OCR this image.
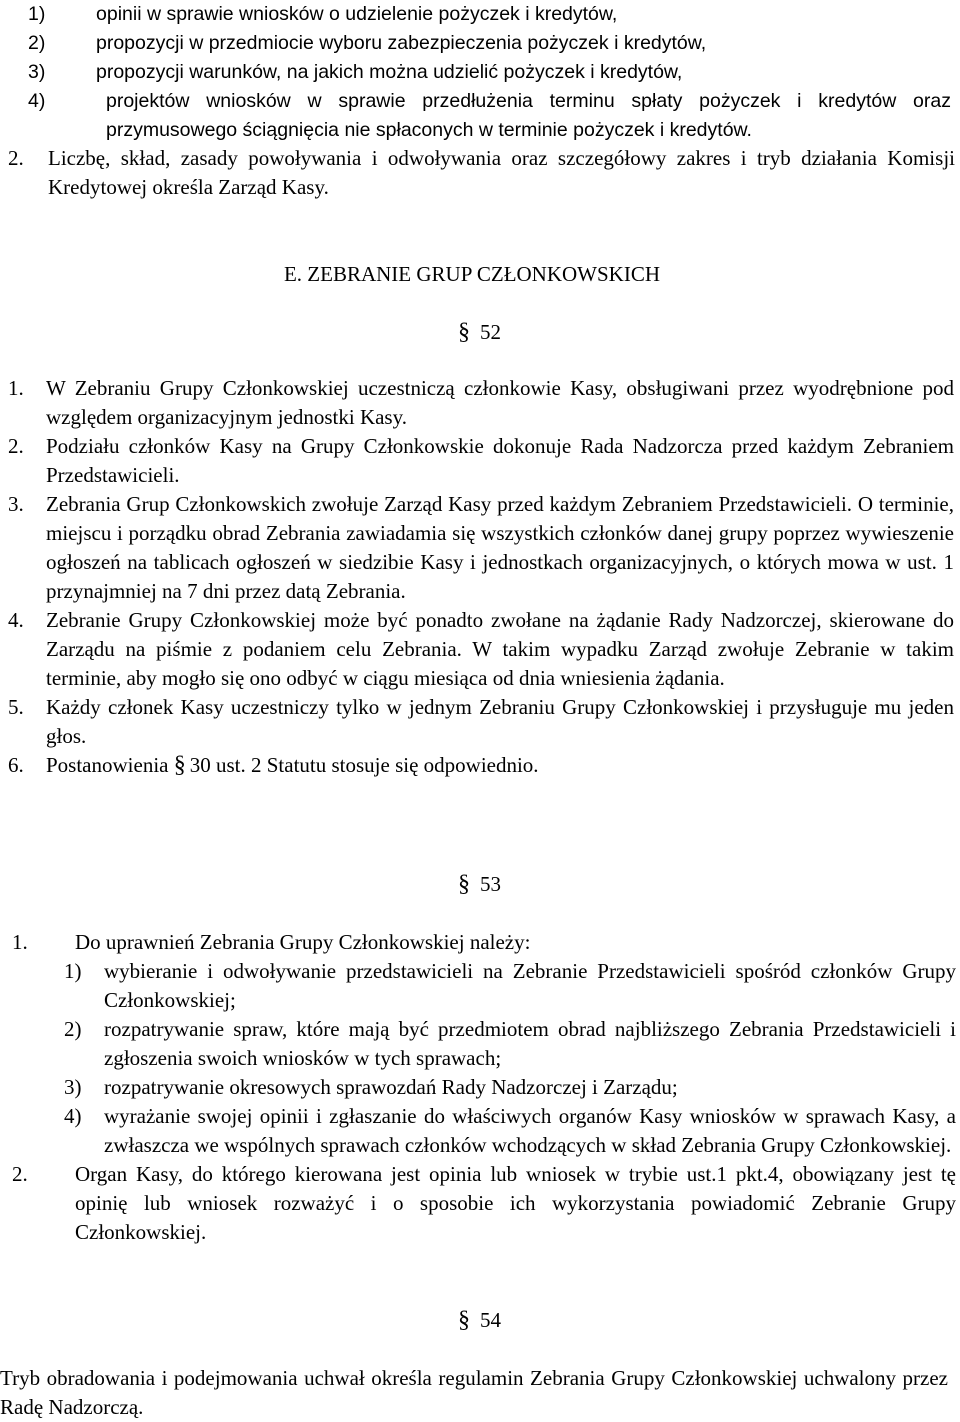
1)	opinii w sprawie wniosków o udzielenie pożyczek i kredytów,
2)	propozycji w przedmiocie wyboru zabezpieczenia pożyczek i kredytów,
3)	propozycji warunków, na jakich można udzielić pożyczek i kredytów,
4)	projektów wniosków w sprawie przedłużenia terminu spłaty pożyczek i kredytów oraz przymusowego ściągnięcia nie spłaconych w terminie pożyczek i kredytów.
2. Liczbę, skład, zasady powoływania i odwoływania oraz szczegółowy zakres i tryb działania Komisji Kredytowej określa Zarząd Kasy.
E. ZEBRANIE GRUP CZŁONKOWSKICH
§ 52
1. W Zebraniu Grupy Członkowskiej uczestniczą członkowie Kasy, obsługiwani przez wyodrębnione pod względem organizacyjnym jednostki Kasy.
2. Podziału członków Kasy na Grupy Członkowskie dokonuje Rada Nadzorcza przed każdym Zebraniem Przedstawicieli.
3. Zebrania Grup Członkowskich zwołuje Zarząd Kasy przed każdym Zebraniem Przedstawicieli. O terminie, miejscu i porządku obrad Zebrania zawiadamia się wszystkich członków danej grupy poprzez wywieszenie ogłoszeń na tablicach ogłoszeń w siedzibie Kasy i jednostkach organizacyjnych, o których mowa w ust. 1 przynajmniej na 7 dni przez datą Zebrania.
4. Zebranie Grupy Członkowskiej może być ponadto zwołane na żądanie Rady Nadzorczej, skierowane do Zarządu na piśmie z podaniem celu Zebrania. W takim wypadku Zarząd zwołuje Zebranie w takim terminie, aby mogło się ono odbyć w ciągu miesiąca od dnia wniesienia żądania.
5. Każdy członek Kasy uczestniczy tylko w jednym Zebraniu Grupy Członkowskiej i przysługuje mu jeden głos.
6. Postanowienia § 30 ust. 2 Statutu stosuje się odpowiednio.
§ 53
1. Do uprawnień Zebrania Grupy Członkowskiej należy:
1) wybieranie i odwoływanie przedstawicieli na Zebranie Przedstawicieli spośród członków Grupy Członkowskiej;
2) rozpatrywanie spraw, które mają być przedmiotem obrad najbliższego Zebrania Przedstawicieli i zgłoszenia swoich wniosków w tych sprawach;
3) rozpatrywanie okresowych sprawozdań Rady Nadzorczej i Zarządu;
4) wyrażanie swojej opinii i zgłaszanie do właściwych organów Kasy wniosków w sprawach Kasy, a zwłaszcza we wspólnych sprawach członków wchodzących w skład Zebrania Grupy Członkowskiej.
2. Organ Kasy, do którego kierowana jest opinia lub wniosek w trybie ust.1 pkt.4, obowiązany jest tę opinię lub wniosek rozważyć i o sposobie ich wykorzystania powiadomić Zebranie Grupy Członkowskiej.
§ 54
Tryb obradowania i podejmowania uchwał określa regulamin Zebrania Grupy Członkowskiej uchwalony przez Radę Nadzorczą.
